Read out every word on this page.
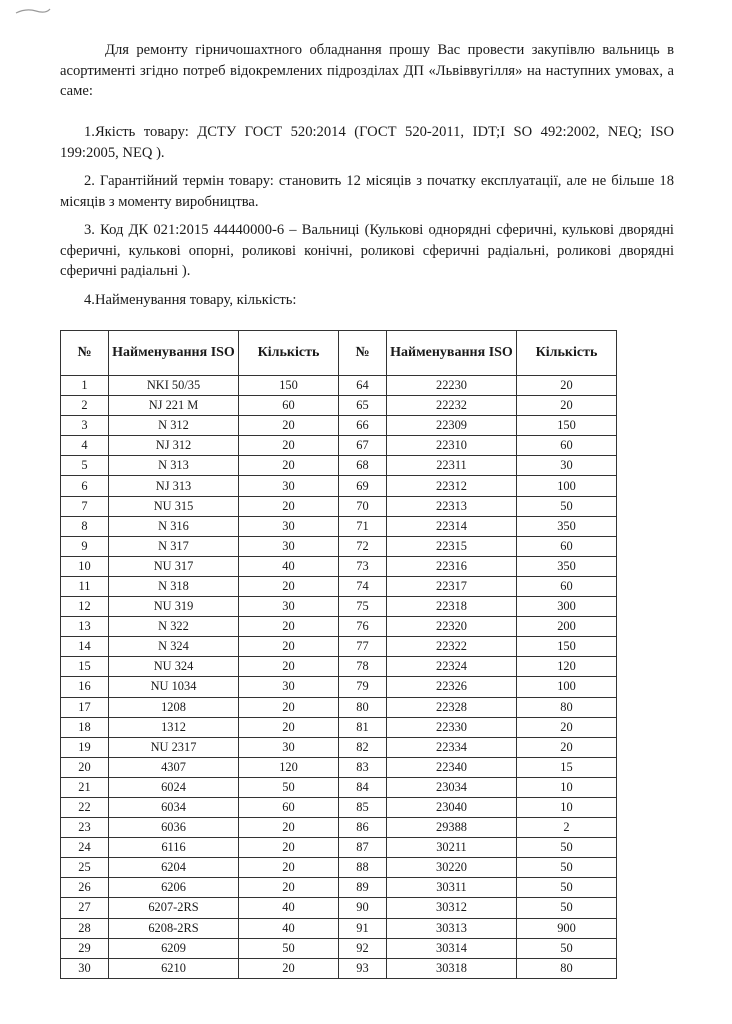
Для ремонту гірничошахтного обладнання прошу Вас провести закупівлю вальниць в асортименті згідно потреб відокремлених підрозділах ДП «Львіввугілля» на наступних умовах, а саме:

1.Якість товару: ДСТУ ГОСТ 520:2014 (ГОСТ 520-2011, IDT;I SO 492:2002, NEQ; ISO 199:2005, NEQ ).

2. Гарантійний термін товару: становить 12 місяців з початку експлуатації, але не більше 18 місяців з моменту виробництва.

3. Код ДК 021:2015 44440000-6 – Вальниці (Кулькові однорядні сферичні, кулькові дворядні сферичні, кулькові опорні, роликові конічні, роликові сферичні радіальні, роликові дворядні сферичні радіальні ).

4.Найменування товару, кількість:

№	Найменування ISO	Кількість	№	Найменування ISO	Кількість
1	NKI 50/35	150	64	22230	20
2	NJ 221 M	60	65	22232	20
3	N 312	20	66	22309	150
4	NJ 312	20	67	22310	60
5	N 313	20	68	22311	30
6	NJ 313	30	69	22312	100
7	NU 315	20	70	22313	50
8	N 316	30	71	22314	350
9	N 317	30	72	22315	60
10	NU 317	40	73	22316	350
11	N 318	20	74	22317	60
12	NU 319	30	75	22318	300
13	N 322	20	76	22320	200
14	N 324	20	77	22322	150
15	NU 324	20	78	22324	120
16	NU 1034	30	79	22326	100
17	1208	20	80	22328	80
18	1312	20	81	22330	20
19	NU 2317	30	82	22334	20
20	4307	120	83	22340	15
21	6024	50	84	23034	10
22	6034	60	85	23040	10
23	6036	20	86	29388	2
24	6116	20	87	30211	50
25	6204	20	88	30220	50
26	6206	20	89	30311	50
27	6207-2RS	40	90	30312	50
28	6208-2RS	40	91	30313	900
29	6209	50	92	30314	50
30	6210	20	93	30318	80
